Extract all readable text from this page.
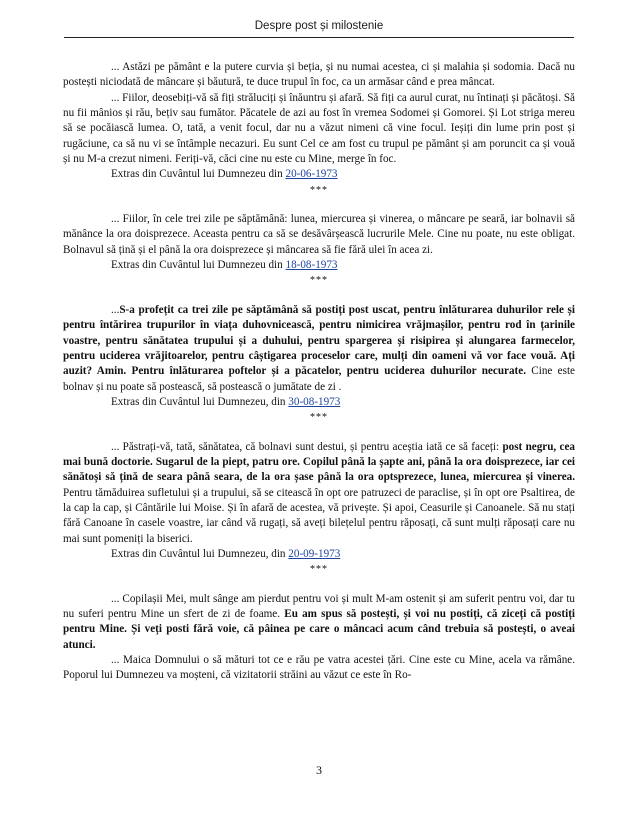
Despre post și milostenie

... Astăzi pe pământ e la putere curvia și beția, și nu numai acestea, ci și malahia și sodomia. Dacă nu postești niciodată de mâncare și băutură, te duce trupul în foc, ca un armăsar când e prea mâncat.

... Fiilor, deosebiți-vă să fiți străluciți și înăuntru și afară. Să fiți ca aurul curat, nu întinați și păcătoși. Să nu fii mânios și rău, bețiv sau fumător. Păcatele de azi au fost în vremea Sodomei și Gomorei. Și Lot striga mereu să se pocăiască lumea. O, tată, a venit focul, dar nu a văzut nimeni că vine focul. Ieșiți din lume prin post și rugăciune, ca să nu vi se întâmple necazuri. Eu sunt Cel ce am fost cu trupul pe pământ și am poruncit ca și vouă și nu M-a crezut nimeni. Feriți-vă, căci cine nu este cu Mine, merge în foc.

Extras din Cuvântul lui Dumnezeu din 20-06-1973
***

... Fiilor, în cele trei zile pe săptămână: lunea, miercurea și vinerea, o mâncare pe seară, iar bolnavii să mănânce la ora doisprezece. Aceasta pentru ca să se desăvârșească lucrurile Mele. Cine nu poate, nu este obligat. Bolnavul să țină și el până la ora doisprezece și mâncarea să fie fără ulei în acea zi.

Extras din Cuvântul lui Dumnezeu din 18-08-1973
***

...S-a profețit ca trei zile pe săptămână să postiți post uscat, pentru înlăturarea duhurilor rele și pentru întărirea trupurilor în viața duhovnicească, pentru nimicirea vrăjmașilor, pentru rod în țarinile voastre, pentru sănătatea trupului și a duhului, pentru spargerea și risipirea și alungarea farmecelor, pentru uciderea vrăjitoarelor, pentru câștigarea proceselor care, mulți din oameni vă vor face vouă. Ați auzit? Amin. Pentru înlăturarea poftelor și a păcatelor, pentru uciderea duhurilor necurate. Cine este bolnav și nu poate să postească, să postească o jumătate de zi .

Extras din Cuvântul lui Dumnezeu, din 30-08-1973
***

... Păstrați-vă, tată, sănătatea, că bolnavi sunt destui, și pentru aceștia iată ce să faceți: post negru, cea mai bună doctorie. Sugarul de la piept, patru ore. Copilul până la șapte ani, până la ora doisprezece, iar cei sănătoși să țină de seara până seara, de la ora șase până la ora optsprezece, lunea, miercurea și vinerea. Pentru tămăduirea sufletului și a trupului, să se citească în opt ore patruzeci de paraclise, și în opt ore Psaltirea, de la cap la cap, și Cântările lui Moise. Și în afară de acestea, vă privește. Și apoi, Ceasurile și Canoanele. Să nu stați fără Canoane în casele voastre, iar când vă rugați, să aveți bilețelul pentru răposați, că sunt mulți răposați care nu mai sunt pomeniți la biserici.

Extras din Cuvântul lui Dumnezeu, din 20-09-1973
***

... Copilașii Mei, mult sânge am pierdut pentru voi și mult M-am ostenit și am suferit pentru voi, dar tu nu suferi pentru Mine un sfert de zi de foame. Eu am spus să postești, și voi nu postiți, că ziceți că postiți pentru Mine. Și veți posti fără voie, că pâinea pe care o mâncaci acum când trebuia să postești, o aveai atunci.

... Maica Domnului o să mături tot ce e rău pe vatra acestei țări. Cine este cu Mine, acela va rămâne. Poporul lui Dumnezeu va moșteni, că vizitatorii străini au văzut ce este în Ro-

3
